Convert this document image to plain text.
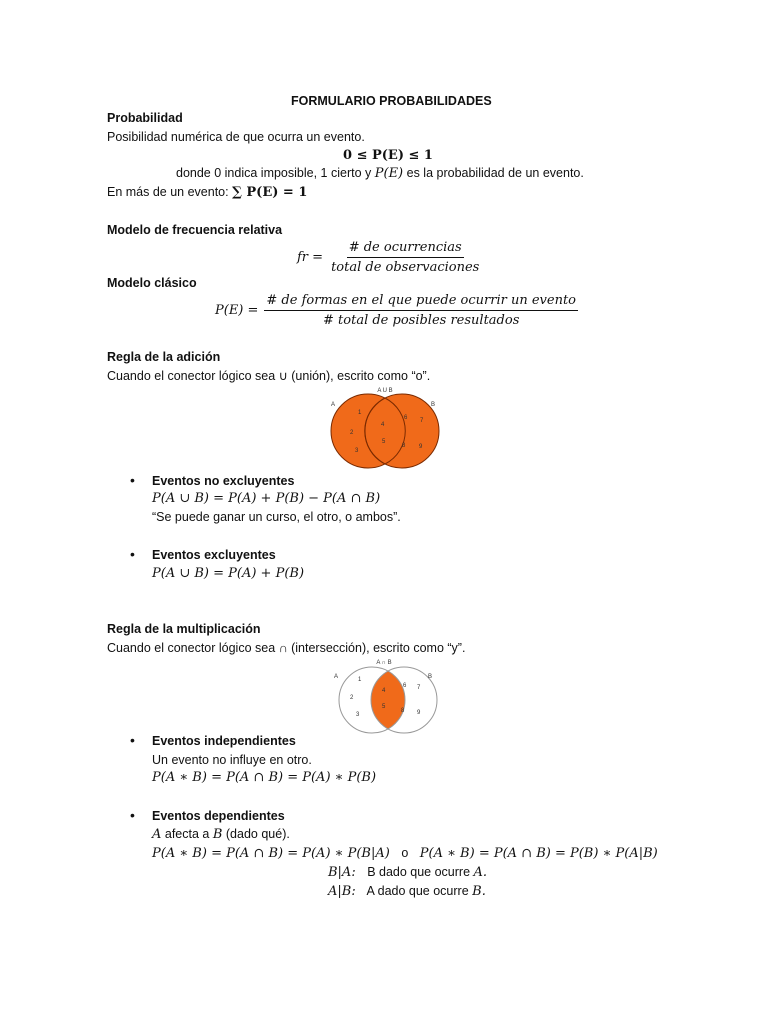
FORMULARIO PROBABILIDADES
Probabilidad
Posibilidad numérica de que ocurra un evento.
0 ≤ P(E) ≤ 1
donde 0 indica imposible, 1 cierto y P(E) es la probabilidad de un evento.
En más de un evento: ∑ P(E) = 1
Modelo de frecuencia relativa
fr = $\frac{\text{\# de ocurrencias}}{\text{total de observaciones}}$
Modelo clásico
$P(E) = \frac{\text{\# de formas en el que puede ocurrir un evento}}{\text{\# total de posibles resultados}}$
Regla de la adición
Cuando el conector lógico sea ∪ (unión), escrito como “o”.
A U B
A	B
1
2
3
4
5
6 7
8 9
• Eventos no excluyentes
P(A ∪ B) = P(A) + P(B) − P(A ∩ B)
“Se puede ganar un curso, el otro, o ambos”.
• Eventos excluyentes
P(A ∪ B) = P(A) + P(B)
Regla de la multiplicación
Cuando el conector lógico sea ∩ (intersección), escrito como “y”.
A ∩ B
A	B
1
2
3
4
5
6 7
8 9
• Eventos independientes
Un evento no influye en otro.
P(A ∗ B) = P(A ∩ B) = P(A) ∗ P(B)
• Eventos dependientes
A afecta a B (dado qué).
P(A ∗ B) = P(A ∩ B) = P(A) ∗ P(B|A) o P(A ∗ B) = P(A ∩ B) = P(B) ∗ P(A|B)
B|A: B dado que ocurre A.
A|B: A dado que ocurre B.
